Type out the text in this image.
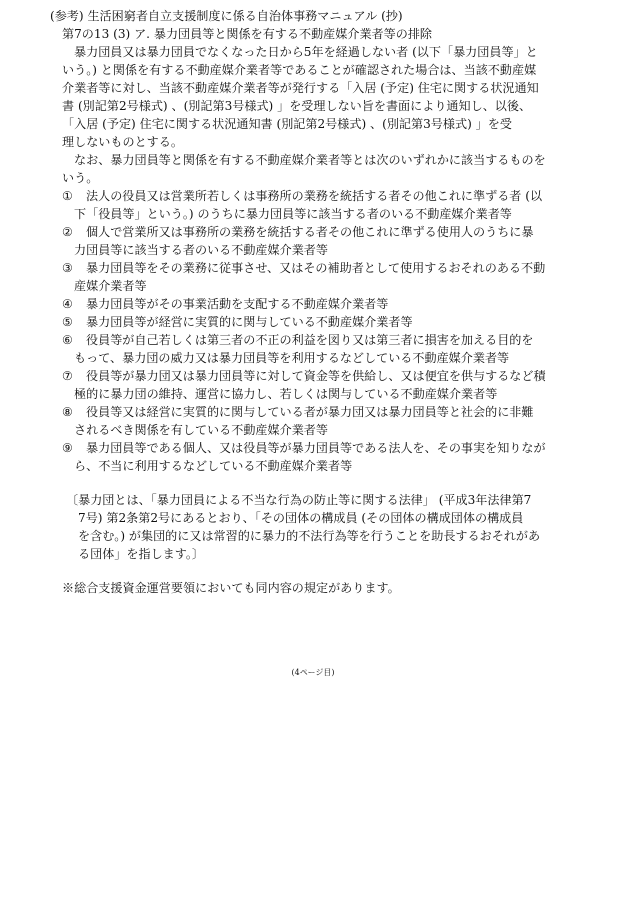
(参考) 生活困窮者自立支援制度に係る自治体事務マニュアル (抄)
第7の13 (3) ア. 暴力団員等と関係を有する不動産媒介業者等の排除
暴力団員又は暴力団員でなくなった日から5年を経過しない者 (以下「暴力団員等」と
いう。) と関係を有する不動産媒介業者等であることが確認された場合は、当該不動産媒
介業者等に対し、当該不動産媒介業者等が発行する「入居 (予定) 住宅に関する状況通知
書 (別記第2号様式) 、(別記第3号様式) 」を受理しない旨を書面により通知し、以後、
「入居 (予定) 住宅に関する状況通知書 (別記第2号様式) 、(別記第3号様式) 」を受
理しないものとする。
なお、暴力団員等と関係を有する不動産媒介業者等とは次のいずれかに該当するものを
いう。
① 法人の役員又は営業所若しくは事務所の業務を統括する者その他これに準ずる者 (以
下「役員等」という。) のうちに暴力団員等に該当する者のいる不動産媒介業者等
② 個人で営業所又は事務所の業務を統括する者その他これに準ずる使用人のうちに暴
力団員等に該当する者のいる不動産媒介業者等
③ 暴力団員等をその業務に従事させ、又はその補助者として使用するおそれのある不動
産媒介業者等
④ 暴力団員等がその事業活動を支配する不動産媒介業者等
⑤ 暴力団員等が経営に実質的に関与している不動産媒介業者等
⑥ 役員等が自己若しくは第三者の不正の利益を図り又は第三者に損害を加える目的を
もって、暴力団の威力又は暴力団員等を利用するなどしている不動産媒介業者等
⑦ 役員等が暴力団又は暴力団員等に対して資金等を供給し、又は便宜を供与するなど積
極的に暴力団の維持、運営に協力し、若しくは関与している不動産媒介業者等
⑧ 役員等又は経営に実質的に関与している者が暴力団又は暴力団員等と社会的に非難
されるべき関係を有している不動産媒介業者等
⑨ 暴力団員等である個人、又は役員等が暴力団員等である法人を、その事実を知りなが
ら、不当に利用するなどしている不動産媒介業者等
〔暴力団とは、「暴力団員による不当な行為の防止等に関する法律」 (平成3年法律第7
7号) 第2条第2号にあるとおり、「その団体の構成員 (その団体の構成団体の構成員
を含む。) が集団的に又は常習的に暴力的不法行為等を行うことを助長するおそれがあ
る団体」を指します。〕
※総合支援資金運営要領においても同内容の規定があります。
(4ページ目)
